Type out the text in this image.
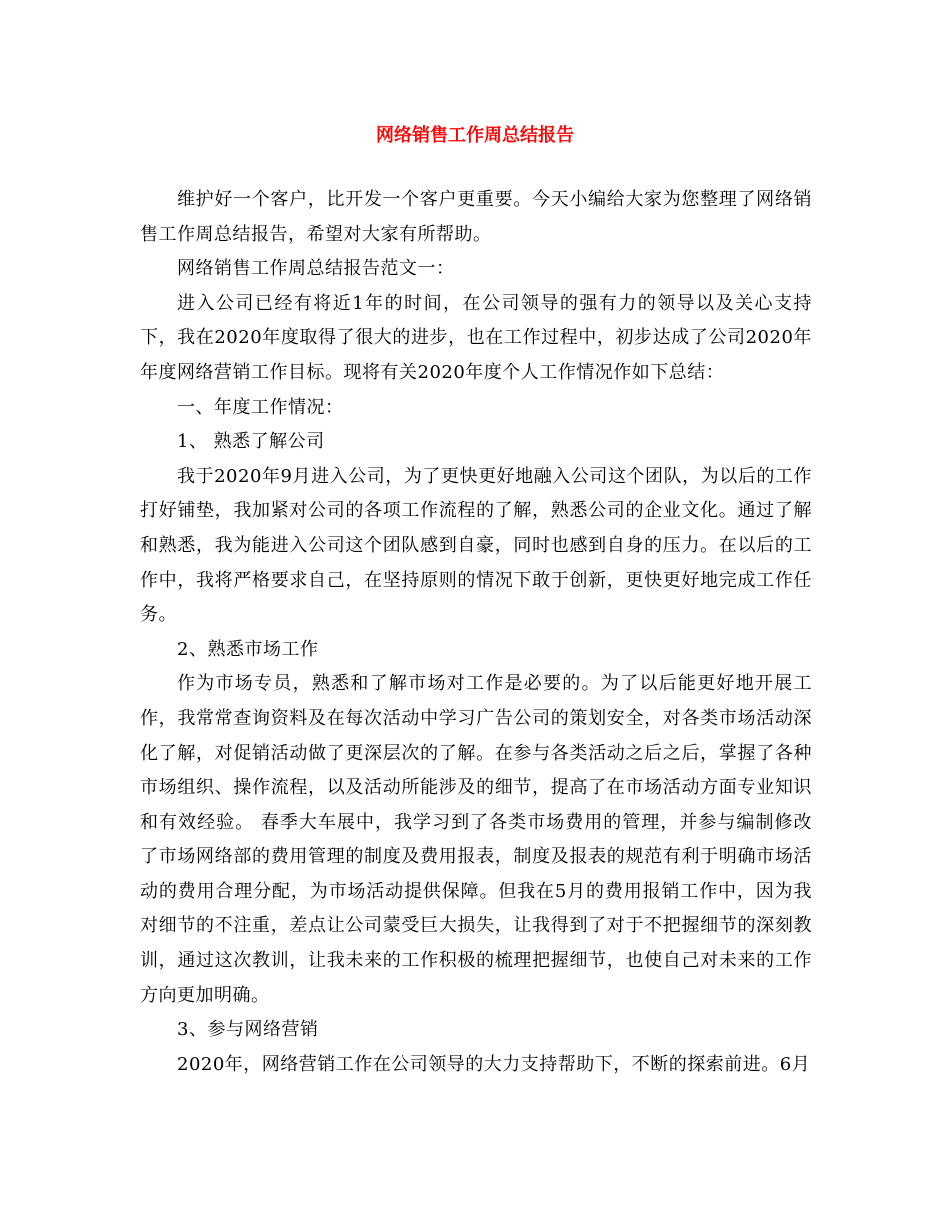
网络销售工作周总结报告

维护好一个客户，比开发一个客户更重要。今天小编给大家为您整理了网络销售工作周总结报告，希望对大家有所帮助。

网络销售工作周总结报告范文一：

进入公司已经有将近1年的时间，在公司领导的强有力的领导以及关心支持下，我在2020年度取得了很大的进步，也在工作过程中，初步达成了公司2020年年度网络营销工作目标。现将有关2020年度个人工作情况作如下总结：

一、年度工作情况：

1、 熟悉了解公司

我于2020年9月进入公司，为了更快更好地融入公司这个团队，为以后的工作打好铺垫，我加紧对公司的各项工作流程的了解，熟悉公司的企业文化。通过了解和熟悉，我为能进入公司这个团队感到自豪，同时也感到自身的压力。在以后的工作中，我将严格要求自己，在坚持原则的情况下敢于创新，更快更好地完成工作任务。

2、熟悉市场工作

作为市场专员，熟悉和了解市场对工作是必要的。为了以后能更好地开展工作，我常常查询资料及在每次活动中学习广告公司的策划安全，对各类市场活动深化了解，对促销活动做了更深层次的了解。在参与各类活动之后之后，掌握了各种市场组织、操作流程，以及活动所能涉及的细节，提高了在市场活动方面专业知识和有效经验。 春季大车展中，我学习到了各类市场费用的管理，并参与编制修改了市场网络部的费用管理的制度及费用报表，制度及报表的规范有利于明确市场活动的费用合理分配，为市场活动提供保障。但我在5月的费用报销工作中，因为我对细节的不注重，差点让公司蒙受巨大损失，让我得到了对于不把握细节的深刻教训，通过这次教训，让我未来的工作积极的梳理把握细节，也使自己对未来的工作方向更加明确。

3、参与网络营销

2020年，网络营销工作在公司领导的大力支持帮助下，不断的探索前进。6月
